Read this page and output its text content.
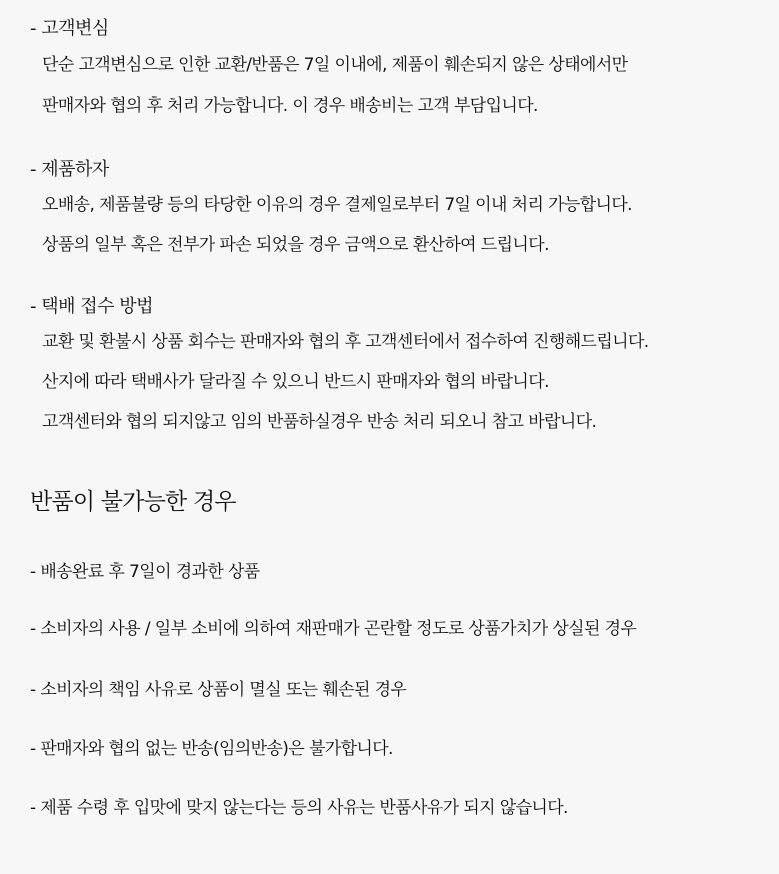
- 고객변심
단순 고객변심으로 인한 교환/반품은 7일 이내에, 제품이 훼손되지 않은 상태에서만
판매자와 협의 후 처리 가능합니다. 이 경우 배송비는 고객 부담입니다.
- 제품하자
오배송, 제품불량 등의 타당한 이유의 경우 결제일로부터 7일 이내 처리 가능합니다.
상품의 일부 혹은 전부가 파손 되었을 경우 금액으로 환산하여 드립니다.
- 택배 접수 방법
교환 및 환불시 상품 회수는 판매자와 협의 후 고객센터에서 접수하여 진행해드립니다.
산지에 따라 택배사가 달라질 수 있으니 반드시 판매자와 협의 바랍니다.
고객센터와 협의 되지않고 임의 반품하실경우 반송 처리 되오니 참고 바랍니다.
반품이 불가능한 경우
- 배송완료 후 7일이 경과한 상품
- 소비자의 사용 / 일부 소비에 의하여 재판매가 곤란할 정도로 상품가치가 상실된 경우
- 소비자의 책임 사유로 상품이 멸실 또는 훼손된 경우
- 판매자와 협의 없는 반송(임의반송)은 불가합니다.
- 제품 수령 후 입맛에 맞지 않는다는 등의 사유는 반품사유가 되지 않습니다.
